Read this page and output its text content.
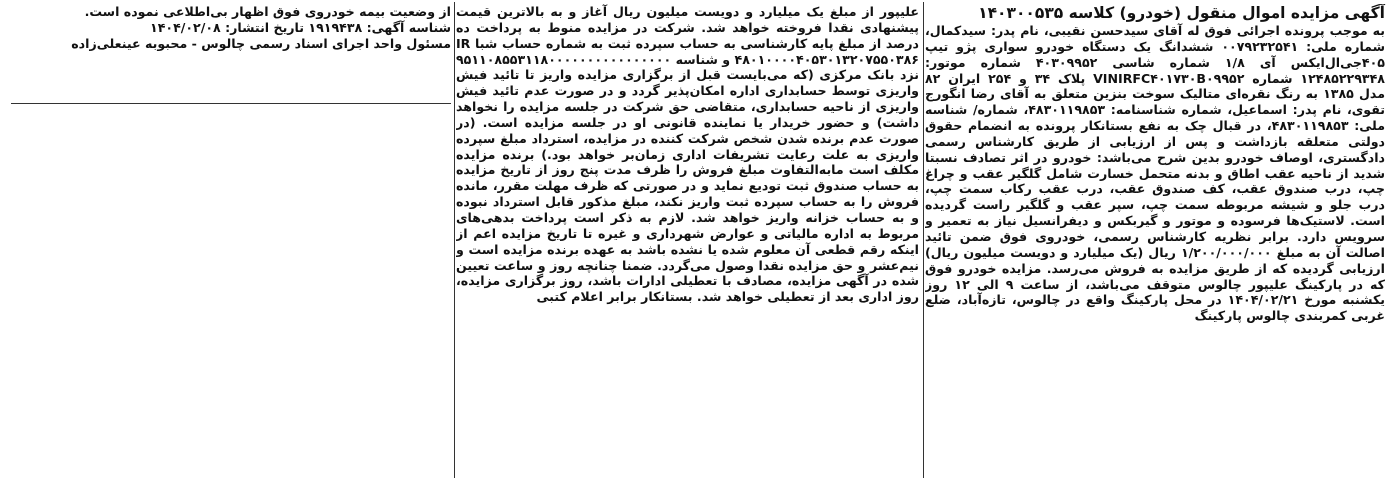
آگهی مزایده اموال منقول (خودرو) کلاسه ۱۴۰۳۰۰۵۳۵

به موجب پرونده اجرائی فوق له آقای سیدحسن نقیبی، نام پدر: سیدکمال، شماره ملی: ۰۰۷۹۲۳۲۵۴۱ ششدانگ یک دستگاه خودرو سواری پژو تیپ ۴۰۵جی‌ال‌ایکس آی ۱/۸ شماره شاسی ۴۰۳۰۹۹۵۲ شماره موتور: ۱۲۴۸۵۲۲۹۳۴۸ شماره VINIRFC۴۰۱۷۳۰B۰۹۹۵۲ پلاک ۳۴ و ۲۵۴ ایران ۸۲ مدل ۱۳۸۵ به رنگ نقره‌ای متالیک سوخت بنزین متعلق به آقای رضا انگورج تقوی، نام پدر: اسماعیل، شماره شناسنامه: ۴۸۳۰۱۱۹۸۵۳، شماره/ شناسه ملی: ۴۸۳۰۱۱۹۸۵۳، در قبال چک به نفع بستانکار پرونده به انضمام حقوق دولتی متعلقه بازداشت و پس از ارزیابی از طریق کارشناس رسمی دادگستری، اوصاف خودرو بدین شرح می‌باشد: خودرو در اثر تصادف نسبتا شدید از ناحیه عقب اطاق و بدنه متحمل خسارت شامل گلگیر عقب و چراغ چپ، درب صندوق عقب، کف صندوق عقب، درب عقب رکاب سمت چپ، درب جلو و شیشه مربوطه سمت چپ، سپر عقب و گلگیر راست گردیده است. لاستیک‌ها فرسوده و موتور و گیربکس و دیفرانسیل نیاز به تعمیر و سرویس دارد. برابر نظریه کارشناس رسمی، خودروی فوق ضمن تائید اصالت آن به مبلغ ۱/۲۰۰/۰۰۰/۰۰۰ ریال (یک میلیارد و دویست میلیون ریال) ارزیابی گردیده که از طریق مزایده به فروش می‌رسد. مزایده خودرو فوق که در پارکینگ علیپور چالوس متوقف می‌باشد، از ساعت ۹ الی ۱۲ روز یکشنبه مورخ ۱۴۰۴/۰۲/۲۱ در محل پارکینگ واقع در چالوس، تازه‌آباد، ضلع غربی کمربندی چالوس پارکینگ

علیپور از مبلغ یک میلیارد و دویست میلیون ریال آغاز و به بالاترین قیمت پیشنهادی نقدا فروخته خواهد شد. شرکت در مزایده منوط به پرداخت ده درصد از مبلغ پایه کارشناسی به حساب سپرده ثبت به شماره حساب شبا IR ۴۸۰۱۰۰۰۰۴۰۵۳۰۱۳۲۰۷۵۵۰۳۸۶ و شناسه ۹۵۱۱۰۸۵۵۳۱۱۸۰۰۰۰۰۰۰۰۰۰۰۰۰۰۰۰ نزد بانک مرکزی (که می‌بایست قبل از برگزاری مزایده واریز تا تائید فیش واریزی توسط حسابداری اداره امکان‌پذیر گردد و در صورت عدم تائید فیش واریزی از ناحیه حسابداری، متقاضی حق شرکت در جلسه مزایده را نخواهد داشت) و حضور خریدار یا نماینده قانونی او در جلسه مزایده است. (در صورت عدم برنده شدن شخص شرکت کننده در مزایده، استرداد مبلغ سپرده واریزی به علت رعایت تشریفات اداری زمان‌بر خواهد بود.) برنده مزایده مکلف است مابه‌التفاوت مبلغ فروش را ظرف مدت پنج روز از تاریخ مزایده به حساب صندوق ثبت تودیع نماید و در صورتی که ظرف مهلت مقرر، مانده فروش را به حساب سپرده ثبت واریز نکند، مبلغ مذکور قابل استرداد نبوده و به حساب خزانه واریز خواهد شد. لازم به ذکر است پرداخت بدهی‌های مربوط به اداره مالیاتی و عوارض شهرداری و غیره تا تاریخ مزایده اعم از اینکه رقم قطعی آن معلوم شده یا نشده باشد به عهده برنده مزایده است و نیم‌عشر و حق مزایده نقدا وصول می‌گردد. ضمنا چنانچه روز و ساعت تعیین شده در آگهی مزایده، مصادف با تعطیلی ادارات باشد، روز برگزاری مزایده، روز اداری بعد از تعطیلی خواهد شد. بستانکار برابر اعلام کتبی

از وضعیت بیمه خودروی فوق اظهار بی‌اطلاعی نموده است.
شناسه آگهی: ۱۹۱۹۴۳۸ تاریخ انتشار: ۱۴۰۴/۰۲/۰۸
مسئول واحد اجرای اسناد رسمی چالوس - محبوبه عینعلی‌زاده
